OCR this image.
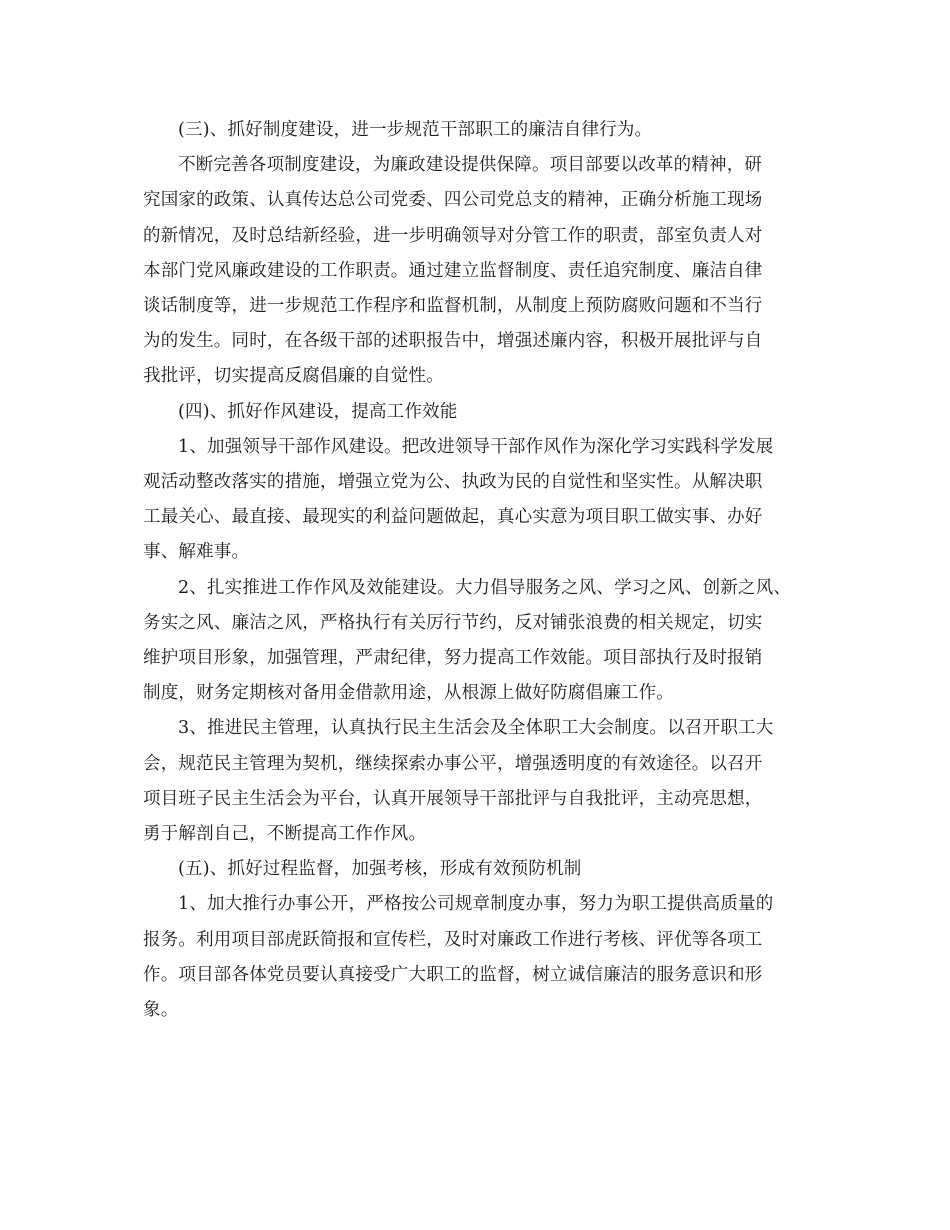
(三)、抓好制度建设，进一步规范干部职工的廉洁自律行为。
不断完善各项制度建设，为廉政建设提供保障。项目部要以改革的精神，研
究国家的政策、认真传达总公司党委、四公司党总支的精神，正确分析施工现场
的新情况，及时总结新经验，进一步明确领导对分管工作的职责，部室负责人对
本部门党风廉政建设的工作职责。通过建立监督制度、责任追究制度、廉洁自律
谈话制度等，进一步规范工作程序和监督机制，从制度上预防腐败问题和不当行
为的发生。同时，在各级干部的述职报告中，增强述廉内容，积极开展批评与自
我批评，切实提高反腐倡廉的自觉性。
(四)、抓好作风建设，提高工作效能
1、加强领导干部作风建设。把改进领导干部作风作为深化学习实践科学发展
观活动整改落实的措施，增强立党为公、执政为民的自觉性和坚实性。从解决职
工最关心、最直接、最现实的利益问题做起，真心实意为项目职工做实事、办好
事、解难事。
2、扎实推进工作作风及效能建设。大力倡导服务之风、学习之风、创新之风、
务实之风、廉洁之风，严格执行有关厉行节约，反对铺张浪费的相关规定，切实
维护项目形象，加强管理，严肃纪律，努力提高工作效能。项目部执行及时报销
制度，财务定期核对备用金借款用途，从根源上做好防腐倡廉工作。
3、推进民主管理，认真执行民主生活会及全体职工大会制度。以召开职工大
会，规范民主管理为契机，继续探索办事公平，增强透明度的有效途径。以召开
项目班子民主生活会为平台，认真开展领导干部批评与自我批评，主动亮思想，
勇于解剖自己，不断提高工作作风。
(五)、抓好过程监督，加强考核，形成有效预防机制
1、加大推行办事公开，严格按公司规章制度办事，努力为职工提供高质量的
报务。利用项目部虎跃简报和宣传栏，及时对廉政工作进行考核、评优等各项工
作。项目部各体党员要认真接受广大职工的监督，树立诚信廉洁的服务意识和形
象。
